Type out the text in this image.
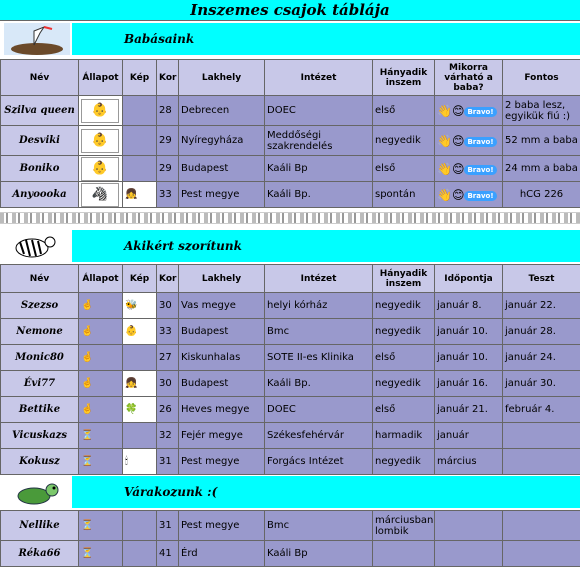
Inszemes csajok táblája
Babásaink
Név	Állapot	Kép	Kor	Lakhely	Intézet	Hányadik inszem	Mikorra várható a baba?	Fontos
Szilva queen	👶		28	Debrecen	DOEC	első	👋😊 Bravo!	2 baba lesz, egyikük fiú :)
Desviki	👶		29	Nyíregyháza	Meddőségi szakrendelés	negyedik	👋😊 Bravo!	52 mm a baba
Boniko	👶		29	Budapest	Kaáli Bp	első	👋😊 Bravo!	24 mm a baba
Anyoooka	🦓	👧	33	Pest megye	Kaáli Bp.	spontán	👋😊 Bravo!	hCG 226
Akikért szorítunk
Név	Állapot	Kép	Kor	Lakhely	Intézet	Hányadik inszem	Időpontja	Teszt
Szezso	🤞	🐝	30	Vas megye	helyi kórház	negyedik	január 8.	január 22.
Nemone	🤞	👶	33	Budapest	Bmc	negyedik	január 10.	január 28.
Monic80	🤞		27	Kiskunhalas	SOTE II-es Klinika	első	január 10.	január 24.
Évi77	🤞	👧	30	Budapest	Kaáli Bp.	negyedik	január 16.	január 30.
Bettike	🤞	🍀	26	Heves megye	DOEC	első	január 21.	február 4.
Vicuskazs	⏳		32	Fejér megye	Székesfehérvár	harmadik	január	
Kokusz	⏳	🕯	31	Pest megye	Forgács Intézet	negyedik	március	
Várakozunk :(
Nellike	⏳		31	Pest megye	Bmc	márciusban lombik		
Réka66	⏳		41	Érd	Kaáli Bp			
